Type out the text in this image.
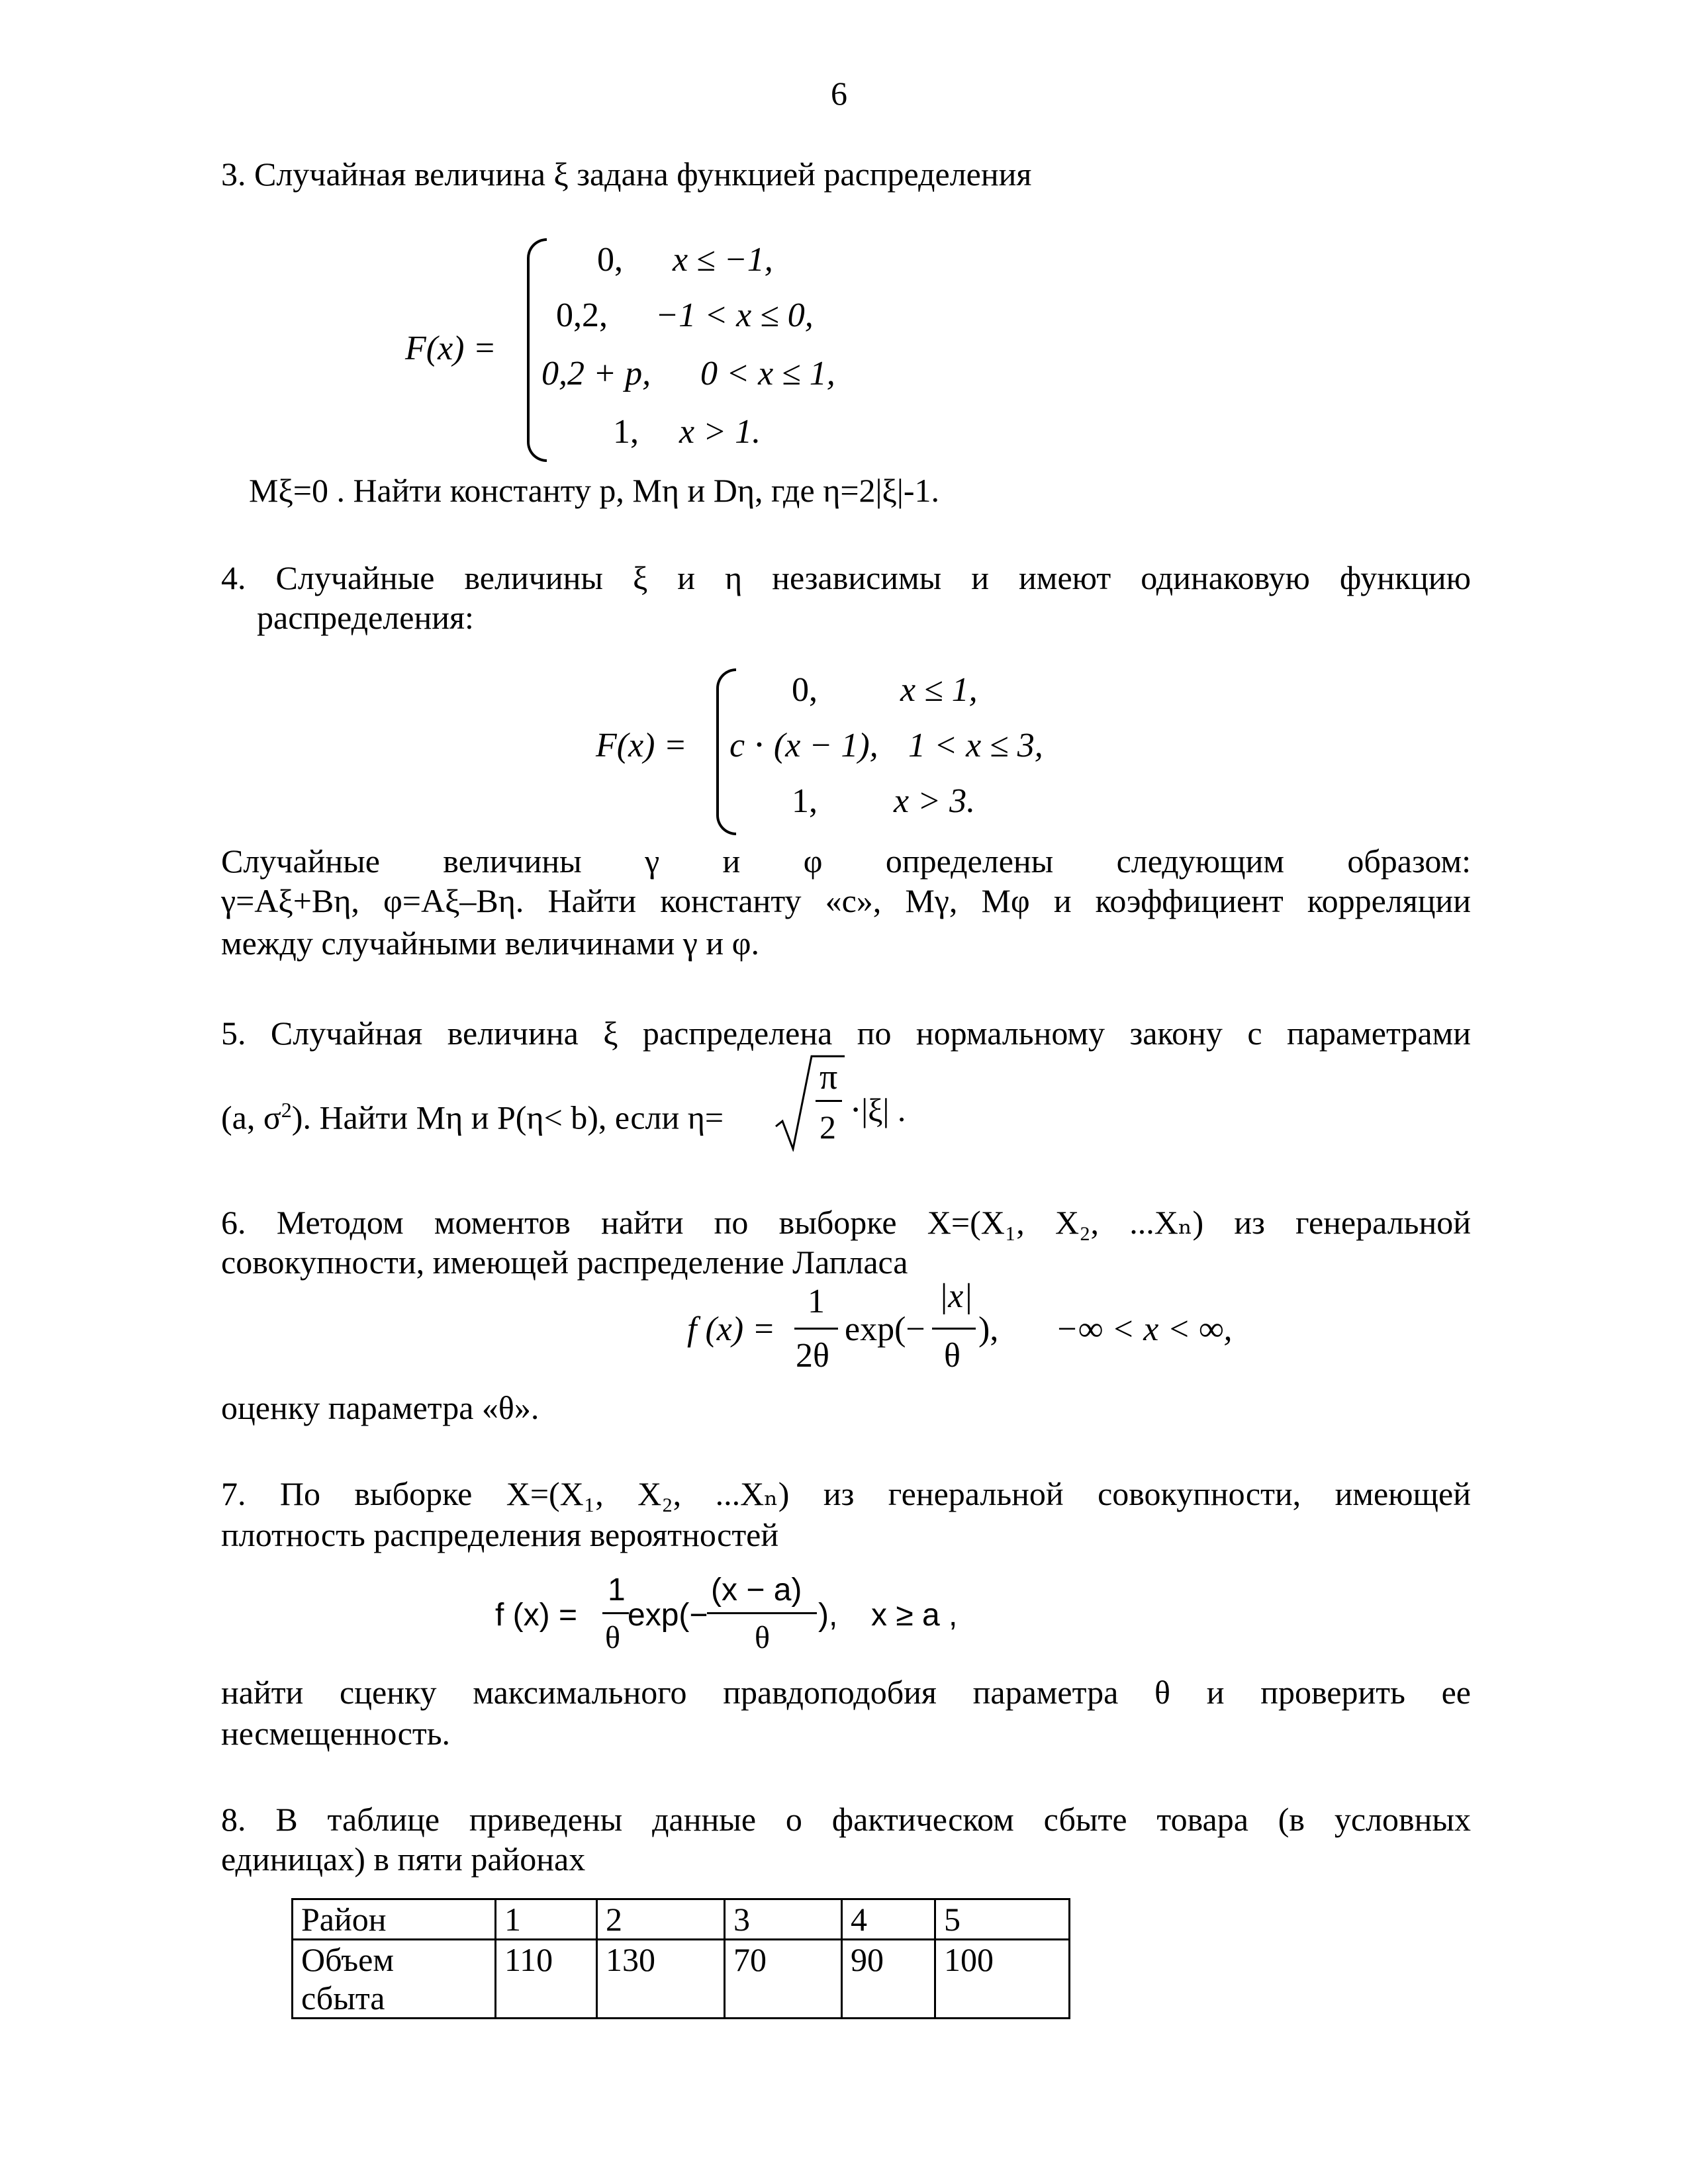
6
3. Случайная величина ξ задана функцией распределения
F(x) =
0, x ≤ −1,
0,2, −1 < x ≤ 0,
0,2 + p, 0 < x ≤ 1,
1, x > 1.
Mξ=0 . Найти константу р, Mη и Dη, где η=2|ξ|-1.
4. Случайные величины ξ и η независимы и имеют одинаковую функцию
распределения:
F(x) =
0, x ≤ 1,
c ⋅ (x − 1), 1 < x ≤ 3,
1, x > 3.
Случайные величины γ и φ определены следующим образом:
γ=Aξ+Bη, φ=Aξ–Bη. Найти константу «с», Mγ, Mφ и коэффициент корреляции
между случайными величинами γ и φ.
5. Случайная величина ξ распределена по нормальному закону с параметрами
(a, $\sigma^2$). Найти Mη и P(η< b), если η=
π
2 ⋅|ξ| .
6. Методом моментов найти по выборке X=(X₁, X₂, ...Xₙ) из генеральной
совокупности, имеющей распределение Лапласа
f (x) =
1
2θ
exp(−
|x|
θ
), −∞ < x < ∞,
оценку параметра «θ».
7. По выборке X=(X₁, X₂, ...Xₙ) из генеральной совокупности, имеющей
плотность распределения вероятностей
f (x) =
1
θ
exp(−
(x − a)
θ
), x ≥ a ,
найти сценку максимального правдоподобия параметра θ и проверить ее
несмещенность.
8. В таблице приведены данные о фактическом сбыте товара (в условных
единицах) в пяти районах
Район	1	2	3	4	5

Объем
сбыта	110	130	70	90	100
